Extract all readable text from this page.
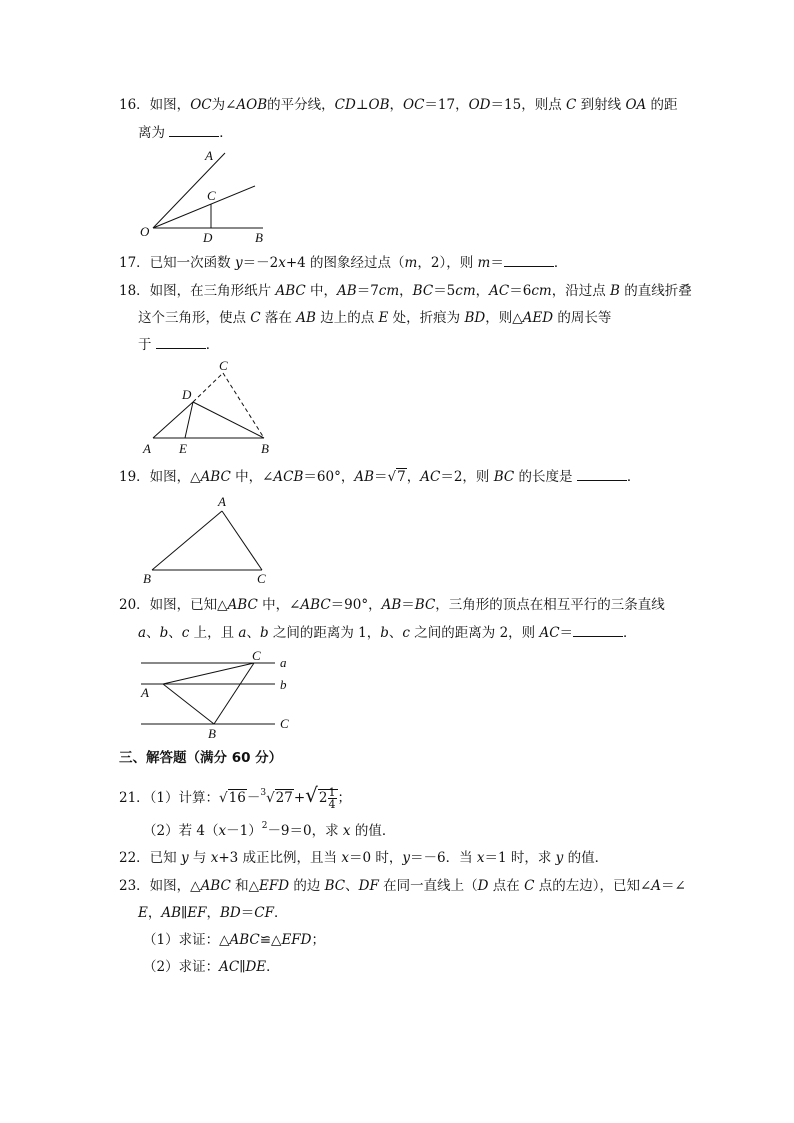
16．如图，OC为∠AOB的平分线，CD⊥OB，OC＝17，OD＝15，则点 C 到射线 OA 的距
离为	．
A
C
O	D	B
17．已知一次函数 y＝－2x+4 的图象经过点（m，2），则 m＝	．
18．如图，在三角形纸片 ABC 中，AB＝7cm，BC＝5cm，AC＝6cm，沿过点 B 的直线折叠
这个三角形，使点 C 落在 AB 边上的点 E 处，折痕为 BD，则△AED 的周长等
于	．
C
D
A E	B
19．如图，△ABC 中，∠ACB＝60°，AB＝√7，AC＝2，则 BC 的长度是	．
A
B	C
20．如图，已知△ABC 中，∠ABC＝90°，AB＝BC，三角形的顶点在相互平行的三条直线
a、b、c 上，且 a、b 之间的距离为 1，b、c 之间的距离为 2，则 AC＝	．
C a
A
b
B
C
三、解答题（满分 60 分）
21．（1）计算：$√16-^3√27+√2 \frac{1}{4}$ ；
（2）若 $4(x-1)^2-9=0$，求 x 的值．
22．已知 y 与 x+3 成正比例，且当 x＝0 时，y＝－6．当 x＝1 时，求 y 的值．
23．如图，△ABC 和△EFD 的边 BC、DF 在同一直线上（D 点在 C 点的左边），已知∠A＝∠
E，AB∥EF，BD＝CF．
（1）求证：△ABC≌△EFD；
（2）求证：AC∥DE．
